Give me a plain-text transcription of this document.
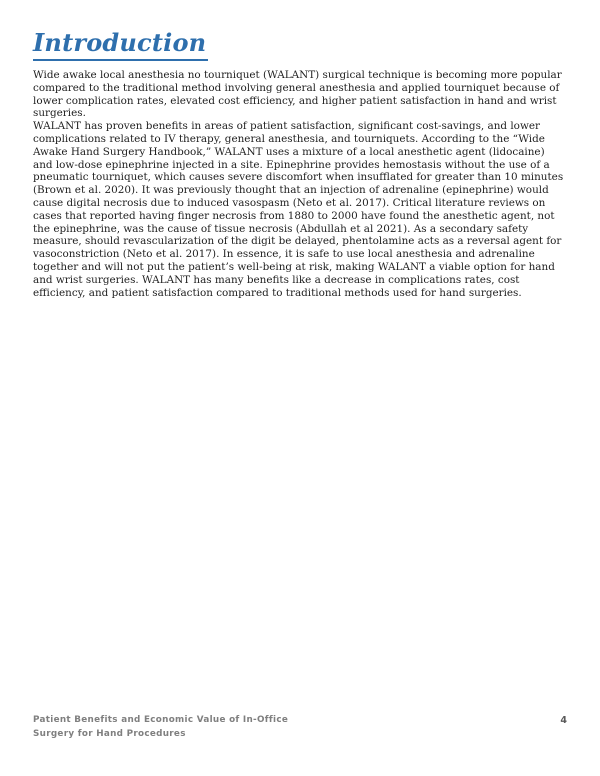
Introduction

Wide awake local anesthesia no tourniquet (WALANT) surgical technique is becoming more popular compared to the traditional method involving general anesthesia and applied tourniquet because of lower complication rates, elevated cost efficiency, and higher patient satisfaction in hand and wrist surgeries.

WALANT has proven benefits in areas of patient satisfaction, significant cost-savings, and lower complications related to IV therapy, general anesthesia, and tourniquets. According to the “Wide Awake Hand Surgery Handbook,” WALANT uses a mixture of a local anesthetic agent (lidocaine) and low-dose epinephrine injected in a site. Epinephrine provides hemostasis without the use of a pneumatic tourniquet, which causes severe discomfort when insufflated for greater than 10 minutes (Brown et al. 2020). It was previously thought that an injection of adrenaline (epinephrine) would cause digital necrosis due to induced vasospasm (Neto et al. 2017). Critical literature reviews on cases that reported having finger necrosis from 1880 to 2000 have found the anesthetic agent, not the epinephrine, was the cause of tissue necrosis (Abdullah et al 2021). As a secondary safety measure, should revascularization of the digit be delayed, phentolamine acts as a reversal agent for vasoconstriction (Neto et al. 2017). In essence, it is safe to use local anesthesia and adrenaline together and will not put the patient’s well-being at risk, making WALANT a viable option for hand and wrist surgeries. WALANT has many benefits like a decrease in complications rates, cost efficiency, and patient satisfaction compared to traditional methods used for hand surgeries.

Patient Benefits and Economic Value of In-Office
Surgery for Hand Procedures
4
